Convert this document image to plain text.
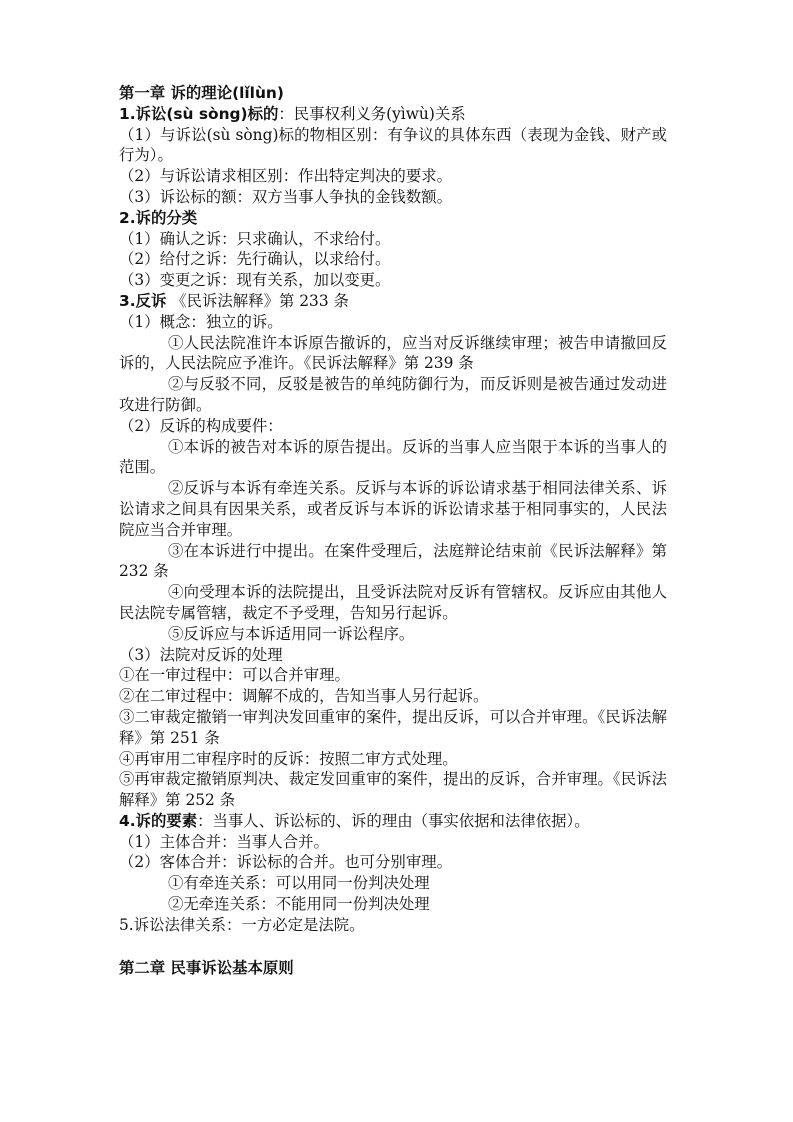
第一章 诉的理论(lǐlùn)
1.诉讼(sù sòng)标的：民事权利义务(yìwù)关系

（1）与诉讼(sù sòng)标的物相区别：有争议的具体东西（表现为金钱、财产或行为）。

（2）与诉讼请求相区别：作出特定判决的要求。

（3）诉讼标的额：双方当事人争执的金钱数额。

2.诉的分类

（1）确认之诉：只求确认，不求给付。

（2）给付之诉：先行确认，以求给付。

（3）变更之诉：现有关系，加以变更。

3.反诉 《民诉法解释》第 233 条

（1）概念：独立的诉。

①人民法院准许本诉原告撤诉的，应当对反诉继续审理；被告申请撤回反诉的，人民法院应予准许。《民诉法解释》第 239 条

②与反驳不同，反驳是被告的单纯防御行为，而反诉则是被告通过发动进攻进行防御。

（2）反诉的构成要件：

①本诉的被告对本诉的原告提出。反诉的当事人应当限于本诉的当事人的范围。

②反诉与本诉有牵连关系。反诉与本诉的诉讼请求基于相同法律关系、诉讼请求之间具有因果关系，或者反诉与本诉的诉讼请求基于相同事实的，人民法院应当合并审理。

③在本诉进行中提出。在案件受理后，法庭辩论结束前《民诉法解释》第 232 条

④向受理本诉的法院提出，且受诉法院对反诉有管辖权。反诉应由其他人民法院专属管辖，裁定不予受理，告知另行起诉。

⑤反诉应与本诉适用同一诉讼程序。

（3）法院对反诉的处理

①在一审过程中：可以合并审理。

②在二审过程中：调解不成的，告知当事人另行起诉。

③二审裁定撤销一审判决发回重审的案件，提出反诉，可以合并审理。《民诉法解释》第 251 条

④再审用二审程序时的反诉：按照二审方式处理。

⑤再审裁定撤销原判决、裁定发回重审的案件，提出的反诉，合并审理。《民诉法解释》第 252 条

4.诉的要素：当事人、诉讼标的、诉的理由（事实依据和法律依据）。

（1）主体合并：当事人合并。

（2）客体合并：诉讼标的合并。也可分别审理。

①有牵连关系：可以用同一份判决处理

②无牵连关系：不能用同一份判决处理

5.诉讼法律关系：一方必定是法院。

第二章 民事诉讼基本原则
